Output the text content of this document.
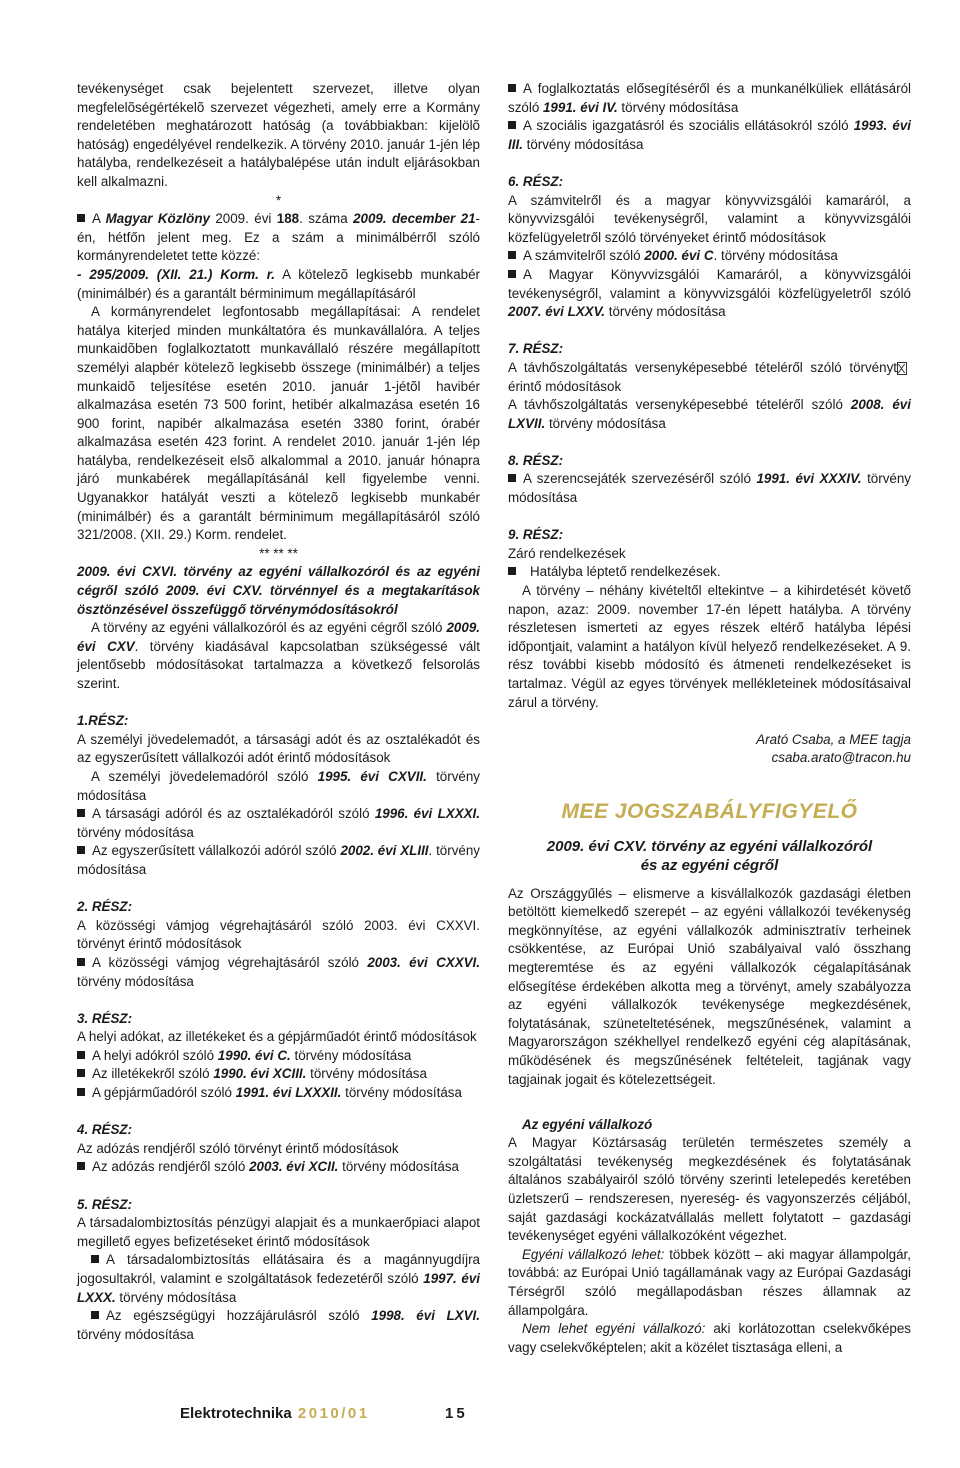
tevékenységet csak bejelentett szervezet, illetve olyan megfelelõségértékelõ szervezet végezheti, amely erre a Kormány rendeletében meghatározott hatóság (a továbbiakban: kijelölõ hatóság) engedélyével rendelkezik. A törvény 2010. január 1-jén lép hatályba, rendelkezéseit a hatálybalépése után indult eljárásokban kell alkalmazni.

*

A Magyar Közlöny 2009. évi 188. száma 2009. december 21-én, hétfőn jelent meg. Ez a szám a minimálbérről szóló kormányrendeletet tette közzé:
- 295/2009. (XII. 21.) Korm. r. A kötelezõ legkisebb munkabér (minimálbér) és a garantált bérminimum megállapításáról

A kormányrendelet legfontosabb megállapításai: A rendelet hatálya kiterjed minden munkáltatóra és munkavállalóra. A teljes munkaidõben foglalkoztatott munkavállaló részére megállapított személyi alapbér kötelezõ legkisebb összege (minimálbér) a teljes munkaidõ teljesítése esetén 2010. január 1-jétõl havibér alkalmazása esetén 73 500 forint, hetibér alkalmazása esetén 16 900 forint, napibér alkalmazása esetén 3380 forint, órabér alkalmazása esetén 423 forint. A rendelet 2010. január 1-jén lép hatályba, rendelkezéseit elsõ alkalommal a 2010. január hónapra járó munkabérek megállapításánál kell figyelembe venni. Ugyanakkor hatályát veszti a kötelezõ legkisebb munkabér (minimálbér) és a garantált bérminimum megállapításáról szóló 321/2008. (XII. 29.) Korm. rendelet.

** ** **

2009. évi CXVI. törvény az egyéni vállalkozóról és az egyéni cégről szóló 2009. évi CXV. törvénnyel és a megtakarítások ösztönzésével összefüggő törvénymódosításokról

A törvény az egyéni vállalkozóról és az egyéni cégről szóló 2009. évi CXV. törvény kiadásával kapcsolatban szükségessé vált jelentősebb módosításokat tartalmazza a következő felsorolás szerint.

1.RÉSZ:

A személyi jövedelemadót, a társasági adót és az osztalékadót és az egyszerűsített vállalkozói adót érintő módosítások

A személyi jövedelemadóról szóló 1995. évi CXVII. törvény módosítása

A társasági adóról és az osztalékadóról szóló 1996. évi LXXXI. törvény módosítása

Az egyszerűsített vállalkozói adóról szóló 2002. évi XLIII. törvény módosítása

2. RÉSZ:

A közösségi vámjog végrehajtásáról szóló 2003. évi CXXVI. törvényt érintő módosítások

A közösségi vámjog végrehajtásáról szóló 2003. évi CXXVI. törvény módosítása

3. RÉSZ:

A helyi adókat, az illetékeket és a gépjárműadót érintő módosítások

A helyi adókról szóló 1990. évi C. törvény módosítása

Az illetékekről szóló 1990. évi XCIII. törvény módosítása

A gépjárműadóról szóló 1991. évi LXXXII. törvény módosítása

4. RÉSZ:

Az adózás rendjéről szóló törvényt érintő módosítások

Az adózás rendjéről szóló 2003. évi XCII. törvény módosítása

5. RÉSZ:

A társadalombiztosítás pénzügyi alapjait és a munkaerőpiaci alapot megillető egyes befizetéseket érintő módosítások

A társadalombiztosítás ellátásaira és a magánnyugdíjra jogosultakról, valamint e szolgáltatások fedezetéről szóló 1997. évi LXXX. törvény módosítása

Az egészségügyi hozzájárulásról szóló 1998. évi LXVI. törvény módosítása

A foglalkoztatás elősegítéséről és a munkanélküliek ellátásáról szóló 1991. évi IV. törvény módosítása

A szociális igazgatásról és szociális ellátásokról szóló 1993. évi III. törvény módosítása

6. RÉSZ:

A számvitelről és a magyar könyvvizsgálói kamaráról, a könyvvizsgálói tevékenységről, valamint a könyvvizsgálói közfelügyeletről szóló törvényeket érintő módosítások

A számvitelről szóló 2000. évi C. törvény módosítása

A Magyar Könyvvizsgálói Kamaráról, a könyvvizsgálói tevékenységről, valamint a könyvvizsgálói közfelügyeletről szóló 2007. évi LXXV. törvény módosítása

7. RÉSZ:

A távhőszolgáltatás versenyképesebbé tételéről szóló törvényt érintő módosítások

A távhőszolgáltatás versenyképesebbé tételéről szóló 2008. évi LXVII. törvény módosítása

8. RÉSZ:

A szerencsejáték szervezéséről szóló 1991. évi XXXIV. törvény módosítása

9. RÉSZ:

Záró rendelkezések

Hatályba léptető rendelkezések.

A törvény – néhány kivételtől eltekintve – a kihirdetését követő napon, azaz: 2009. november 17-én lépett hatályba. A törvény részletesen ismerteti az egyes részek eltérő hatályba lépési időpontjait, valamint a hatályon kívül helyező rendelkezéseket. A 9. rész további kisebb módosító és átmeneti rendelkezéseket is tartalmaz. Végül az egyes törvények mellékleteinek módosításaival zárul a törvény.

Arató Csaba, a MEE tagja

csaba.arato@tracon.hu

MEE JOGSZABÁLYFIGYELŐ
2009. évi CXV. törvény az egyéni vállalkozóról
és az egyéni cégről

Az Országgyűlés – elismerve a kisvállalkozók gazdasági életben betöltött kiemelkedő szerepét – az egyéni vállalkozói tevékenység megkönnyítése, az egyéni vállalkozók adminisztratív terheinek csökkentése, az Európai Unió szabályaival való összhang megteremtése és az egyéni vállalkozók cégalapításának elősegítése érdekében alkotta meg a törvényt, amely szabályozza az egyéni vállalkozók tevékenysége megkezdésének, folytatásának, szüneteltetésének, megszűnésének, valamint a Magyarországon székhellyel rendelkező egyéni cég alapításának, működésének és megszűnésének feltételeit, tagjának vagy tagjainak jogait és kötelezettségeit.

Az egyéni vállalkozó

A Magyar Köztársaság területén természetes személy a szolgáltatási tevékenység megkezdésének és folytatásának általános szabályairól szóló törvény szerinti letelepedés keretében üzletszerű – rendszeresen, nyereség- és vagyonszerzés céljából, saját gazdasági kockázatvállalás mellett folytatott – gazdasági tevékenységet egyéni vállalkozóként végezhet.

Egyéni vállalkozó lehet: többek között – aki magyar állampolgár, továbbá: az Európai Unió tagállamának vagy az Európai Gazdasági Térségről szóló megállapodásban részes államnak az állampolgára.

Nem lehet egyéni vállalkozó: aki korlátozottan cselekvőképes vagy cselekvőképtelen; akit a közélet tisztasága elleni, a

Elektrotechnika 2010/01	15
